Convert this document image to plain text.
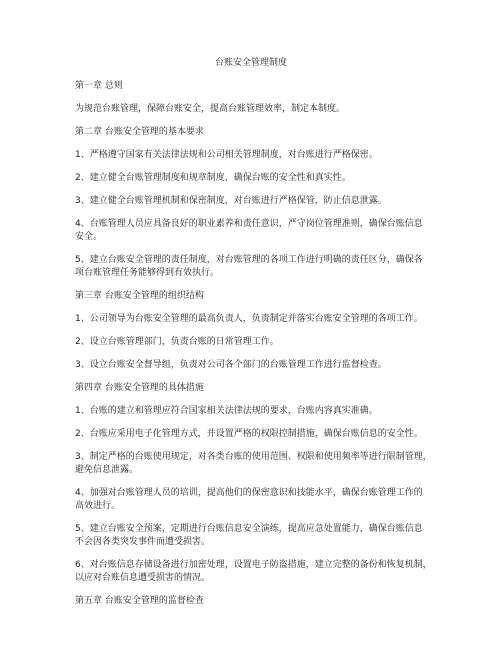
台账安全管理制度
第一章 总则
为规范台账管理，保障台账安全，提高台账管理效率，制定本制度。
第二章 台账安全管理的基本要求
1、严格遵守国家有关法律法规和公司相关管理制度，对台账进行严格保密。
2、建立健全台账管理制度和规章制度，确保台账的安全性和真实性。
3、建立健全台账管理机制和保密制度，对台账进行严格保管，防止信息泄露。
4、台账管理人员应具备良好的职业素养和责任意识，严守岗位管理准则，确保台账信息
安全。
5、建立台账安全管理的责任制度，对台账管理的各项工作进行明确的责任区分，确保各
项台账管理任务能够得到有效执行。
第三章 台账安全管理的组织结构
1、公司领导为台账安全管理的最高负责人，负责制定并落实台账安全管理的各项工作。
2、设立台账管理部门，负责台账的日常管理工作。
3、设立台账安全督导组，负责对公司各个部门的台账管理工作进行监督检查。
第四章 台账安全管理的具体措施
1、台账的建立和管理应符合国家相关法律法规的要求，台账内容真实准确。
2、台账应采用电子化管理方式，并设置严格的权限控制措施，确保台账信息的安全性。
3、制定严格的台账使用规定，对各类台账的使用范围、权限和使用频率等进行限制管理，
避免信息泄露。
4、加强对台账管理人员的培训，提高他们的保密意识和技能水平，确保台账管理工作的
高效进行。
5、建立台账安全预案，定期进行台账信息安全演练，提高应急处置能力，确保台账信息
不会因各类突发事件而遭受损害。
6、对台账信息存储设备进行加密处理，设置电子防盗措施，建立完整的备份和恢复机制，
以应对台账信息遭受损害的情况。
第五章 台账安全管理的监督检查
